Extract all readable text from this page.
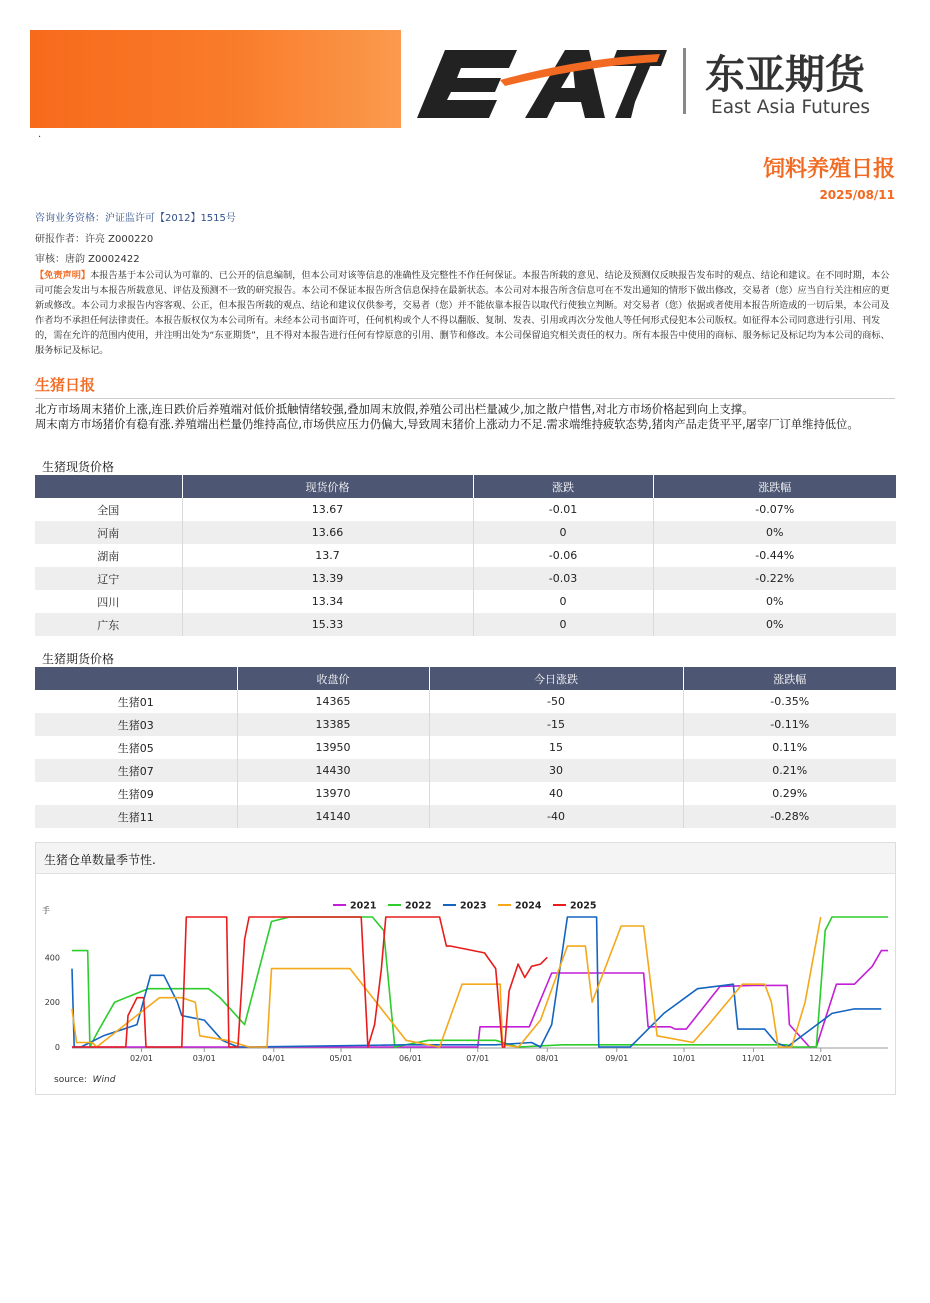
·
东亚期货
East Asia Futures
饲料养殖日报
2025/08/11
咨询业务资格：沪证监许可【2012】1515号
研报作者：许亮 Z000220
审核：唐韵 Z0002422
【免责声明】本报告基于本公司认为可靠的、已公开的信息编制，但本公司对该等信息的准确性及完整性不作任何保证。本报告所载的意见、结论及预测仅反映报告发布时的观点、结论和建议。在不同时期，本公司可能会发出与本报告所载意见、评估及预测不一致的研究报告。本公司不保证本报告所含信息保持在最新状态。本公司对本报告所含信息可在不发出通知的情形下做出修改，交易者（您）应当自行关注相应的更新或修改。本公司力求报告内容客观、公正，但本报告所载的观点、结论和建议仅供参考，交易者（您）并不能依靠本报告以取代行使独立判断。对交易者（您）依据或者使用本报告所造成的一切后果，本公司及作者均不承担任何法律责任。本报告版权仅为本公司所有。未经本公司书面许可，任何机构或个人不得以翻版、复制、发表、引用或再次分发他人等任何形式侵犯本公司版权。如征得本公司同意进行引用、刊发的，需在允许的范围内使用，并注明出处为“东亚期货”，且不得对本报告进行任何有悖原意的引用、删节和修改。本公司保留追究相关责任的权力。所有本报告中使用的商标、服务标记及标记均为本公司的商标、服务标记及标记。
生猪日报
北方市场周末猪价上涨,连日跌价后养殖端对低价抵触情绪较强,叠加周末放假,养殖公司出栏量减少,加之散户惜售,对北方市场价格起到向上支撑。
周末南方市场猪价有稳有涨.养殖端出栏量仍维持高位,市场供应压力仍偏大,导致周末猪价上涨动力不足.需求端维持疲软态势,猪肉产品走货平平,屠宰厂订单维持低位。
生猪现货价格
	现货价格	涨跌	涨跌幅
全国	13.67	-0.01	-0.07%
河南	13.66	0	0%
湖南	13.7	-0.06	-0.44%
辽宁	13.39	-0.03	-0.22%
四川	13.34	0	0%
广东	15.33	0	0%
生猪期货价格
	收盘价	今日涨跌	涨跌幅
生猪01	14365	-50	-0.35%
生猪03	13385	-15	-0.11%
生猪05	13950	15	0.11%
生猪07	14430	30	0.21%
生猪09	13970	40	0.29%
生猪11	14140	-40	-0.28%
生猪仓单数量季节性.
手
0
200
400
02/01	03/01	04/01	05/01	06/01	07/01	08/01	09/01	10/01	11/01	12/01
2021	2022	2023	2024	2025
source: Wind
